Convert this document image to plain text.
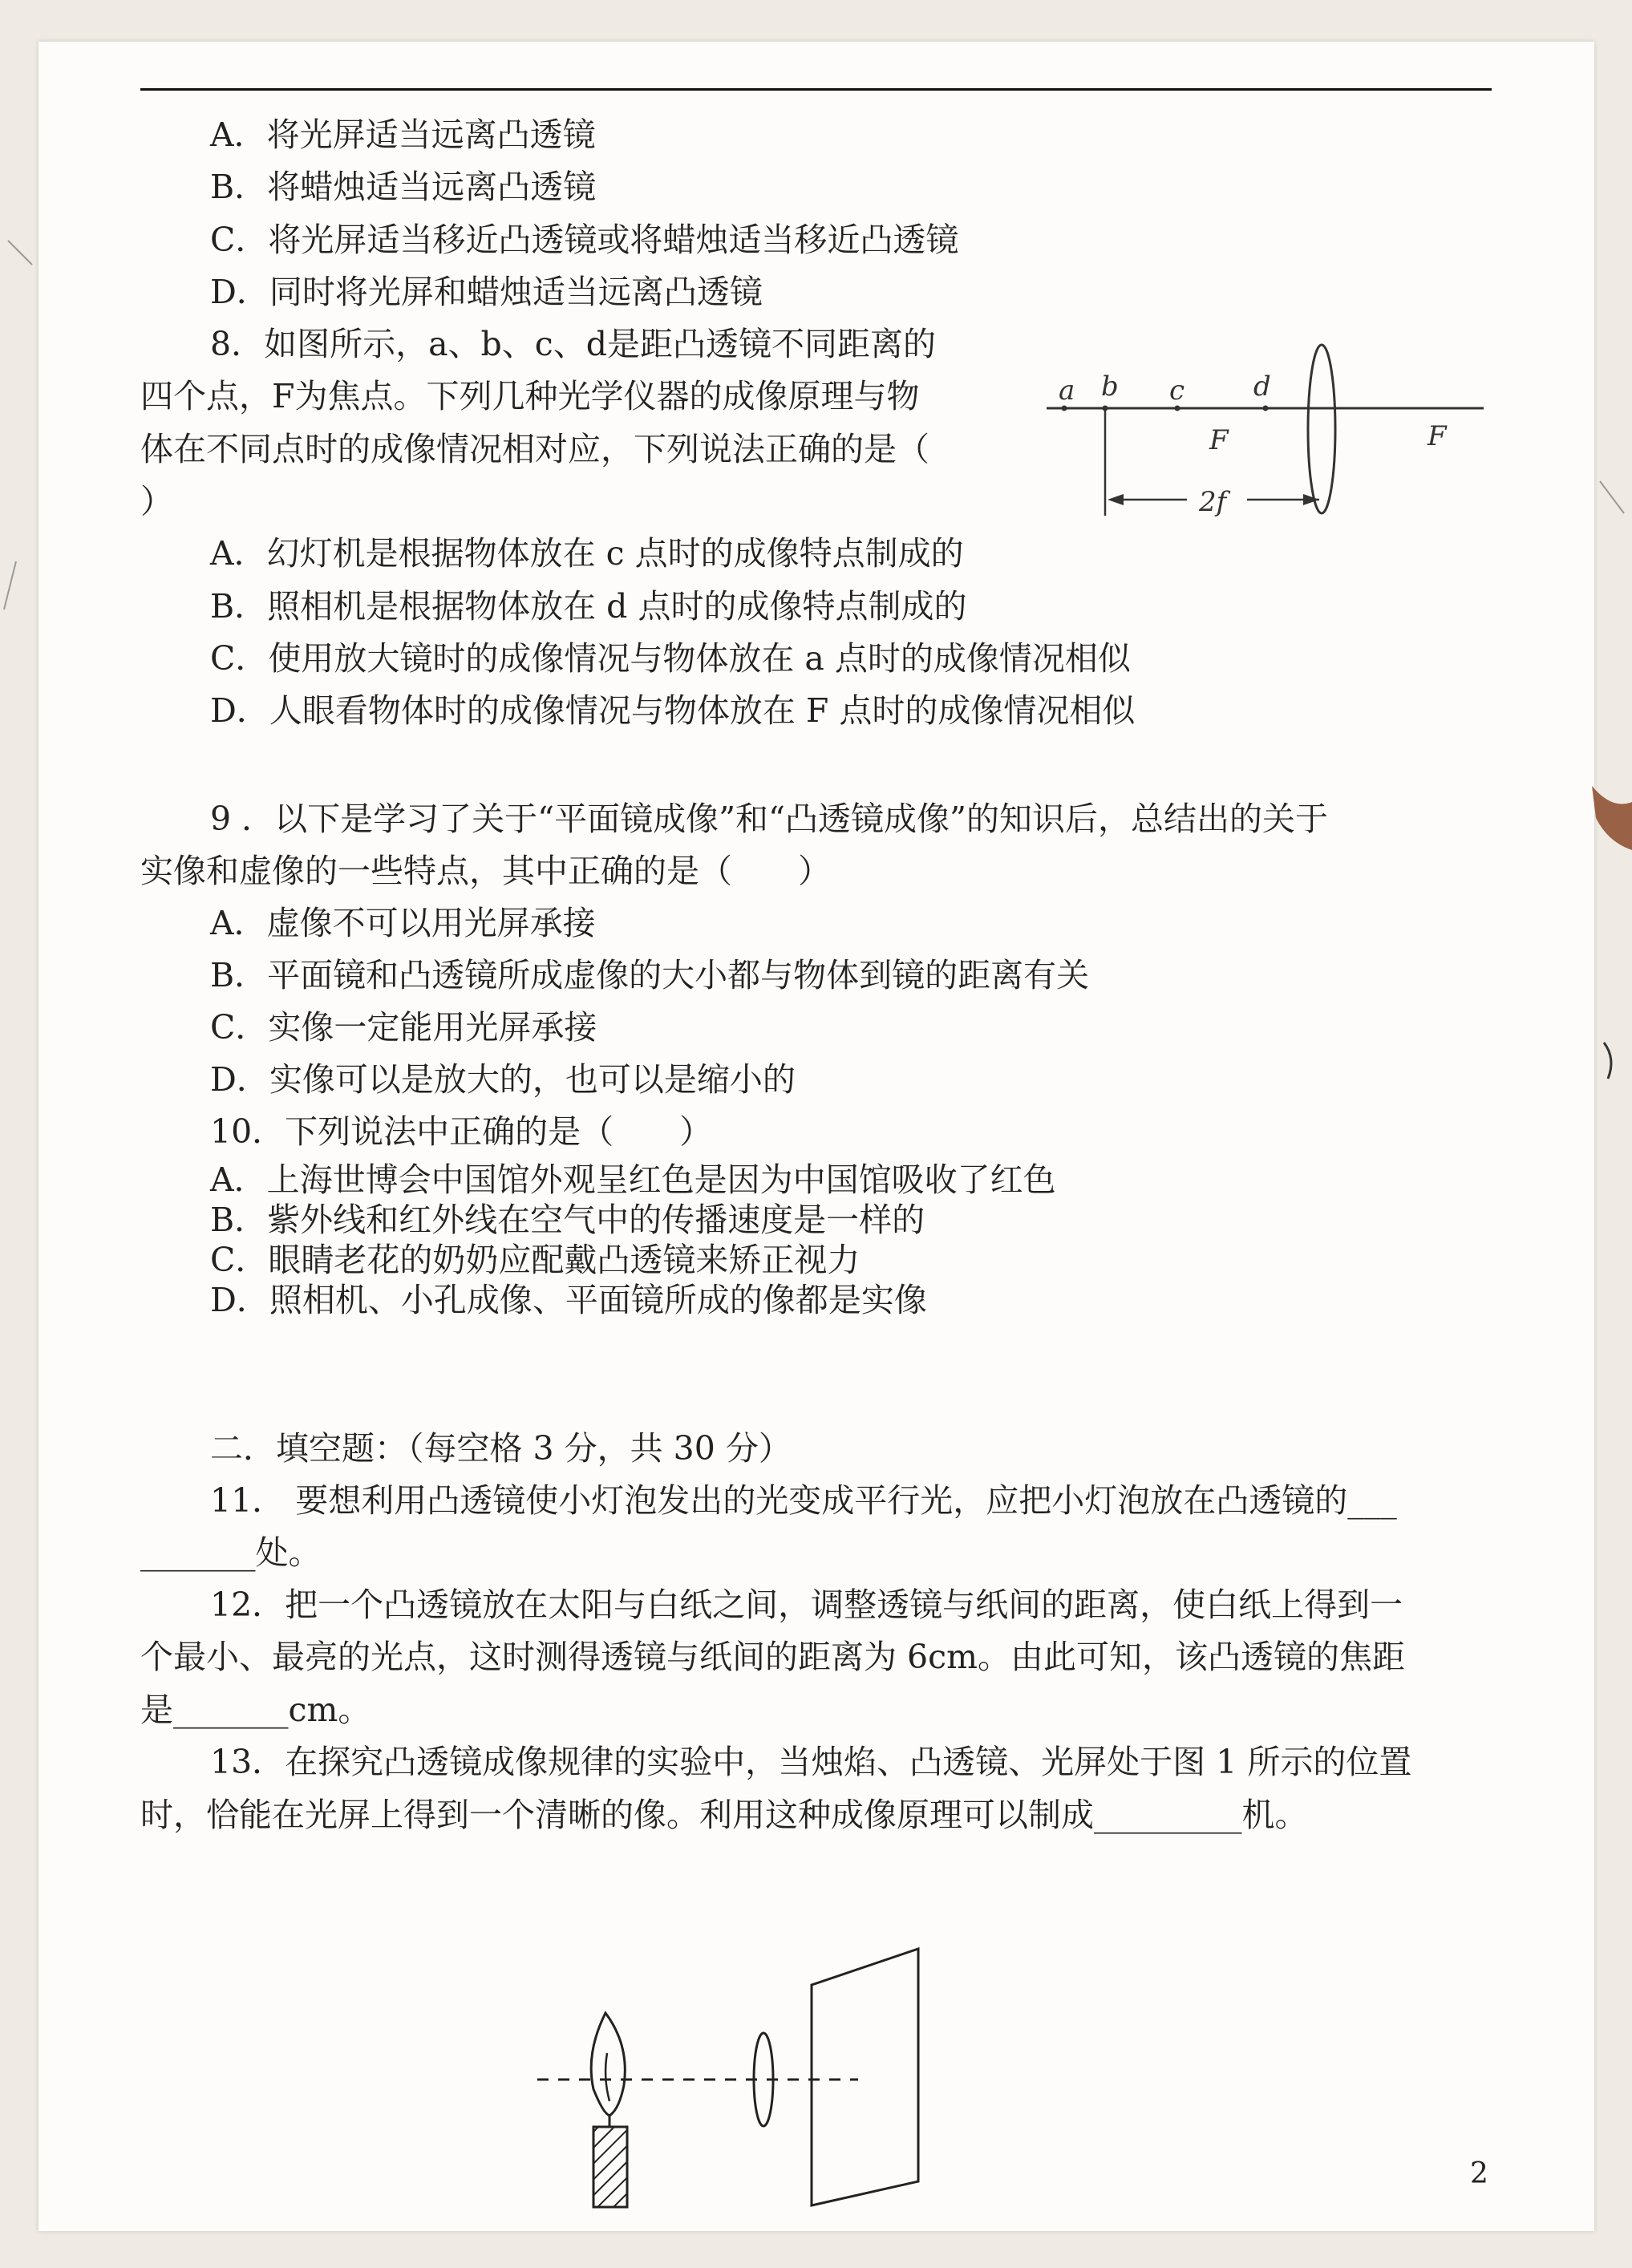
A．将光屏适当远离凸透镜
B．将蜡烛适当远离凸透镜
C．将光屏适当移近凸透镜或将蜡烛适当移近凸透镜
D．同时将光屏和蜡烛适当远离凸透镜
8．如图所示，a、b、c、d是距凸透镜不同距离的
四个点，F为焦点。下列几种光学仪器的成像原理与物
体在不同点时的成像情况相对应，下列说法正确的是（
）
a b c	d
F	F
2f
A．幻灯机是根据物体放在 c 点时的成像特点制成的
B．照相机是根据物体放在 d 点时的成像特点制成的
C．使用放大镜时的成像情况与物体放在 a 点时的成像情况相似
D．人眼看物体时的成像情况与物体放在 F 点时的成像情况相似
9 ．以下是学习了关于“平面镜成像”和“凸透镜成像”的知识后，总结出的关于
实像和虚像的一些特点，其中正确的是（　　）
A．虚像不可以用光屏承接
B．平面镜和凸透镜所成虚像的大小都与物体到镜的距离有关
C．实像一定能用光屏承接
D．实像可以是放大的，也可以是缩小的
10．下列说法中正确的是（　　）
A．上海世博会中国馆外观呈红色是因为中国馆吸收了红色
B．紫外线和红外线在空气中的传播速度是一样的
C．眼睛老花的奶奶应配戴凸透镜来矫正视力
D．照相机、小孔成像、平面镜所成的像都是实像
二．填空题：（每空格 3 分，共 30 分）
11． 要想利用凸透镜使小灯泡发出的光变成平行光，应把小灯泡放在凸透镜的___
_______处。
12．把一个凸透镜放在太阳与白纸之间，调整透镜与纸间的距离，使白纸上得到一
个最小、最亮的光点，这时测得透镜与纸间的距离为 6cm。由此可知，该凸透镜的焦距
是_______cm。
13．在探究凸透镜成像规律的实验中，当烛焰、凸透镜、光屏处于图 1 所示的位置
时，恰能在光屏上得到一个清晰的像。利用这种成像原理可以制成_________机。
2
